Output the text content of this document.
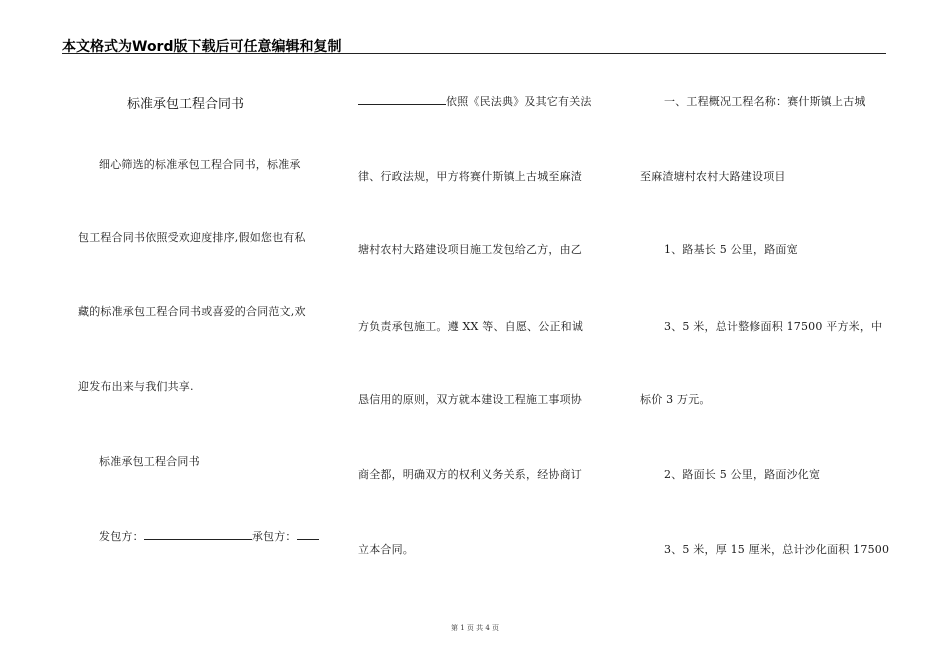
本文格式为Word版下载后可任意编辑和复制
标准承包工程合同书
细心筛选的标准承包工程合同书，标准承
包工程合同书依照受欢迎度排序,假如您也有私
藏的标准承包工程合同书或喜爱的合同范文,欢
迎发布出来与我们共享.
标准承包工程合同书
发包方：	承包方：
依照《民法典》及其它有关法
律、行政法规，甲方将赛什斯镇上古城至麻渣
塘村农村大路建设项目施工发包给乙方，由乙
方负责承包施工。遵 XX 等、自愿、公正和诚
恳信用的原则，双方就本建设工程施工事项协
商全都，明确双方的权利义务关系，经协商订
立本合同。
一、工程概况工程名称：赛什斯镇上古城
至麻渣塘村农村大路建设项目
1、路基长 5 公里，路面宽
3、5 米，总计整修面积 17500 平方米，中
标价 3 万元。
2、路面长 5 公里，路面沙化宽
3、5 米，厚 15 厘米，总计沙化面积 17500
第 1 页 共 4 页
